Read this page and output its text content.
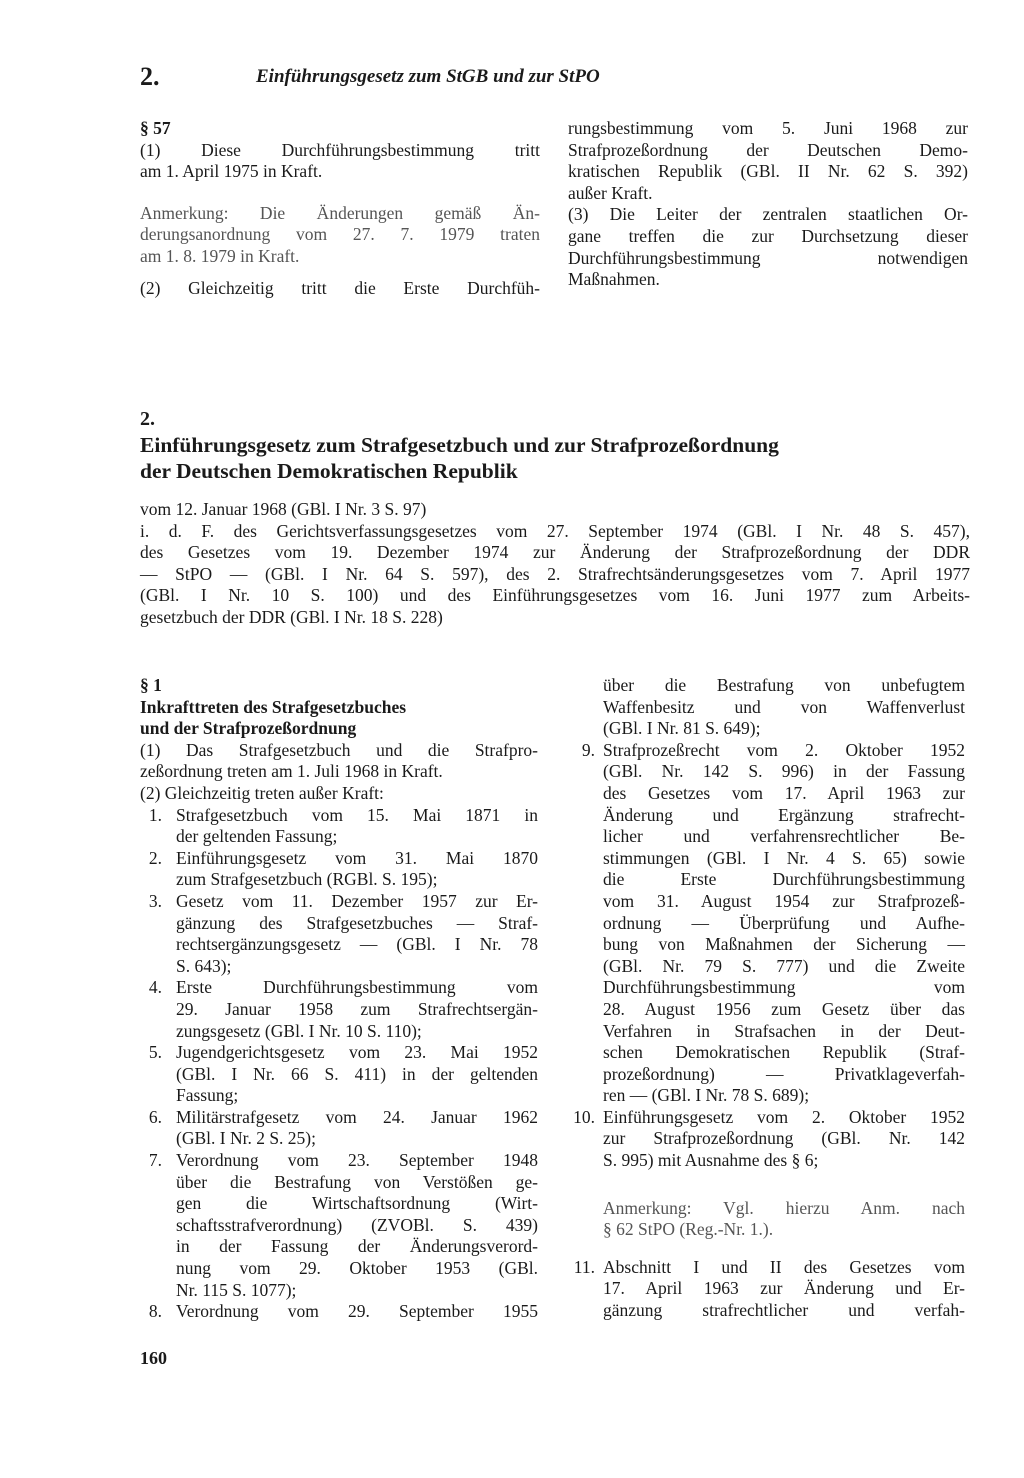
2.	Einführungsgesetz zum StGB und zur StPO
§ 57
(1) Diese Durchführungsbestimmung tritt
am 1. April 1975 in Kraft.
Anmerkung: Die Änderungen gemäß Än-
derungsanordnung vom 27. 7. 1979 traten
am 1. 8. 1979 in Kraft.
(2) Gleichzeitig tritt die Erste Durchfüh-
rungsbestimmung vom 5. Juni 1968 zur
Strafprozeßordnung der Deutschen Demo-
kratischen Republik (GBl. II Nr. 62 S. 392)
außer Kraft.
(3) Die Leiter der zentralen staatlichen Or-
gane treffen die zur Durchsetzung dieser
Durchführungsbestimmung notwendigen
Maßnahmen.
2.
Einführungsgesetz zum Strafgesetzbuch und zur Strafprozeßordnung
der Deutschen Demokratischen Republik
vom 12. Januar 1968 (GBl. I Nr. 3 S. 97)
i. d. F. des Gerichtsverfassungsgesetzes vom 27. September 1974 (GBl. I Nr. 48 S. 457),
des Gesetzes vom 19. Dezember 1974 zur Änderung der Strafprozeßordnung der DDR
— StPO — (GBl. I Nr. 64 S. 597), des 2. Strafrechtsänderungsgesetzes vom 7. April 1977
(GBl. I Nr. 10 S. 100) und des Einführungsgesetzes vom 16. Juni 1977 zum Arbeits-
gesetzbuch der DDR (GBl. I Nr. 18 S. 228)
§ 1
Inkrafttreten des Strafgesetzbuches
und der Strafprozeßordnung
(1) Das Strafgesetzbuch und die Strafpro-
zeßordnung treten am 1. Juli 1968 in Kraft.
(2) Gleichzeitig treten außer Kraft:
1. Strafgesetzbuch vom 15. Mai 1871 in
der geltenden Fassung;
2. Einführungsgesetz vom 31. Mai 1870
zum Strafgesetzbuch (RGBl. S. 195);
3. Gesetz vom 11. Dezember 1957 zur Er-
gänzung des Strafgesetzbuches — Straf-
rechtsergänzungsgesetz — (GBl. I Nr. 78
S. 643);
4. Erste Durchführungsbestimmung vom
29. Januar 1958 zum Strafrechtsergän-
zungsgesetz (GBl. I Nr. 10 S. 110);
5. Jugendgerichtsgesetz vom 23. Mai 1952
(GBl. I Nr. 66 S. 411) in der geltenden
Fassung;
6. Militärstrafgesetz vom 24. Januar 1962
(GBl. I Nr. 2 S. 25);
7. Verordnung vom 23. September 1948
über die Bestrafung von Verstößen ge-
gen die Wirtschaftsordnung (Wirt-
schaftsstrafverordnung) (ZVOBl. S. 439)
in der Fassung der Änderungsverord-
nung vom 29. Oktober 1953 (GBl.
Nr. 115 S. 1077);
8. Verordnung vom 29. September 1955
über die Bestrafung von unbefugtem
Waffenbesitz und von Waffenverlust
(GBl. I Nr. 81 S. 649);
9. Strafprozeßrecht vom 2. Oktober 1952
(GBl. Nr. 142 S. 996) in der Fassung
des Gesetzes vom 17. April 1963 zur
Änderung und Ergänzung strafrecht-
licher und verfahrensrechtlicher Be-
stimmungen (GBl. I Nr. 4 S. 65) sowie
die Erste Durchführungsbestimmung
vom 31. August 1954 zur Strafprozeß-
ordnung — Überprüfung und Aufhe-
bung von Maßnahmen der Sicherung —
(GBl. Nr. 79 S. 777) und die Zweite
Durchführungsbestimmung vom
28. August 1956 zum Gesetz über das
Verfahren in Strafsachen in der Deut-
schen Demokratischen Republik (Straf-
prozeßordnung) — Privatklageverfah-
ren — (GBl. I Nr. 78 S. 689);
10. Einführungsgesetz vom 2. Oktober 1952
zur Strafprozeßordnung (GBl. Nr. 142
S. 995) mit Ausnahme des § 6;
Anmerkung: Vgl. hierzu Anm. nach
§ 62 StPO (Reg.-Nr. 1.).
11. Abschnitt I und II des Gesetzes vom
17. April 1963 zur Änderung und Er-
gänzung strafrechtlicher und verfah-
160
